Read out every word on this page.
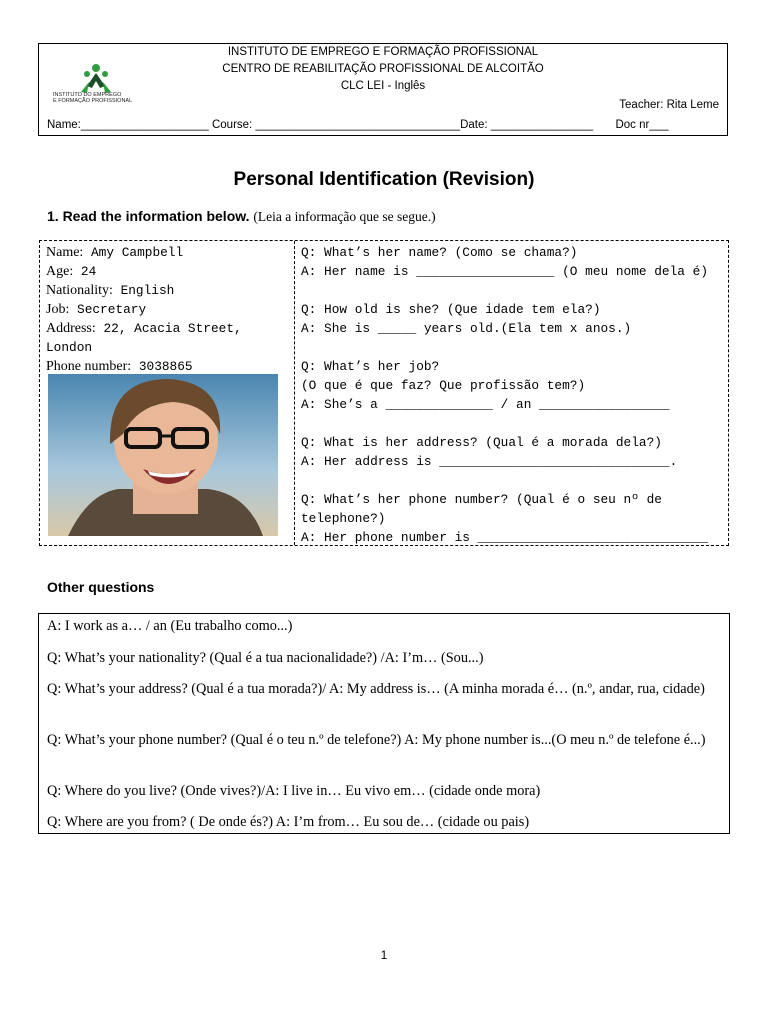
INSTITUTO DO EMPREGO
E FORMAÇÃO PROFISSIONAL
INSTITUTO DE EMPREGO E FORMAÇÃO PROFISSIONAL
CENTRO DE REABILITAÇÃO PROFISSIONAL DE ALCOITÃO
CLC LEI - Inglês
Teacher: Rita Leme
Name:____________________ Course: ________________________________Date: ________________       Doc nr___
Personal Identification (Revision)
1. Read the information below. (Leia a informação que se segue.)
Name: Amy Campbell
Age: 24
Nationality: English
Job: Secretary
Address: 22, Acacia Street, London
Phone number: 3038865
Q: What’s her name? (Como se chama?)
A: Her name is __________________ (O meu nome dela é)
Q: How old is she? (Que idade tem ela?)
A: She is _____ years old.(Ela tem x anos.)
Q: What’s her job?
(O que é que faz? Que profissão tem?)
A: She’s a ______________ / an _________________
Q: What is her address? (Qual é a morada dela?)
A: Her address is ______________________________.
Q: What’s her phone number? (Qual é o seu nº de telephone?)
A: Her phone number is ______________________________
Other questions

A: I work as a… / an (Eu trabalho como...)

Q: What’s your nationality? (Qual é a tua nacionalidade?) /A: I’m… (Sou...)

Q: What’s your address? (Qual é a tua morada?)/ A: My address is… (A minha morada é… (n.º, andar, rua, cidade)

Q: What’s your phone number? (Qual é o teu n.º de telefone?) A: My phone number is...(O meu n.º de telefone é...)

Q: Where do you live? (Onde vives?)/A: I live in… Eu vivo em… (cidade onde mora)

Q: Where are you from? ( De onde és?) A: I’m from… Eu sou de… (cidade ou pais)

1
